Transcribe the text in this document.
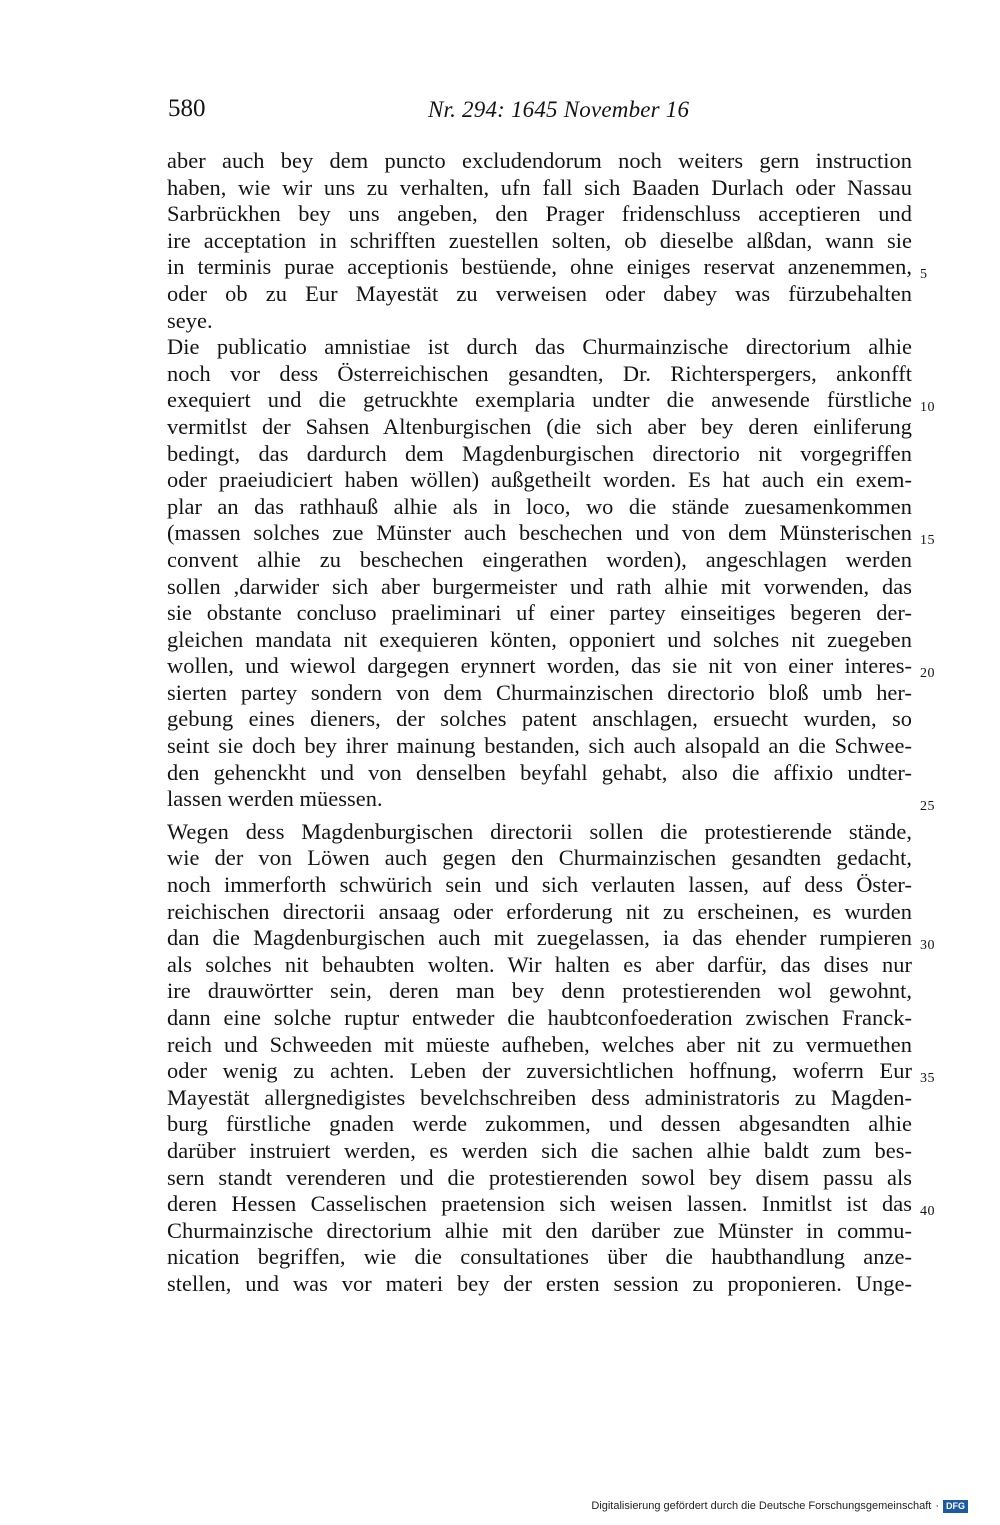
580	Nr. 294: 1645 November 16
aber auch bey dem puncto excludendorum noch weiters gern instruction
haben, wie wir uns zu verhalten, ufn fall sich Baaden Durlach oder Nassau
Sarbrückhen bey uns angeben, den Prager fridenschluss acceptieren und
ire acceptation in schrifften zuestellen solten, ob dieselbe alßdan, wann sie
in terminis purae acceptionis bestüende, ohne einiges reservat anzenemmen,
oder ob zu Eur Mayestät zu verweisen oder dabey was fürzubehalten
seye.
Die publicatio amnistiae ist durch das Churmainzische directorium alhie
noch vor dess Österreichischen gesandten, Dr. Richterspergers, ankonfft
exequiert und die getruckhte exemplaria undter die anwesende fürstliche
vermitlst der Sahsen Altenburgischen (die sich aber bey deren einliferung
bedingt, das dardurch dem Magdenburgischen directorio nit vorgegriffen
oder praeiudiciert haben wöllen) außgetheilt worden. Es hat auch ein exem-
plar an das rathhauß alhie als in loco, wo die stände zuesamenkommen
(massen solches zue Münster auch beschechen und von dem Münsterischen
convent alhie zu beschechen eingerathen worden), angeschlagen werden
sollen ,darwider sich aber burgermeister und rath alhie mit vorwenden, das
sie obstante concluso praeliminari uf einer partey einseitiges begeren der-
gleichen mandata nit exequieren könten, opponiert und solches nit zuegeben
wollen, und wiewol dargegen erynnert worden, das sie nit von einer interes-
sierten partey sondern von dem Churmainzischen directorio bloß umb her-
gebung eines dieners, der solches patent anschlagen, ersuecht wurden, so
seint sie doch bey ihrer mainung bestanden, sich auch alsopald an die Schwee-
den gehenckht und von denselben beyfahl gehabt, also die affixio undter-
lassen werden müessen.
Wegen dess Magdenburgischen directorii sollen die protestierende stände,
wie der von Löwen auch gegen den Churmainzischen gesandten gedacht,
noch immerforth schwürich sein und sich verlauten lassen, auf dess Öster-
reichischen directorii ansaag oder erforderung nit zu erscheinen, es wurden
dan die Magdenburgischen auch mit zuegelassen, ia das ehender rumpieren
als solches nit behaubten wolten. Wir halten es aber darfür, das dises nur
ire drauwörtter sein, deren man bey denn protestierenden wol gewohnt,
dann eine solche ruptur entweder die haubtconfoederation zwischen Franck-
reich und Schweeden mit müeste aufheben, welches aber nit zu vermuethen
oder wenig zu achten. Leben der zuversichtlichen hoffnung, woferrn Eur
Mayestät allergnedigistes bevelchschreiben dess administratoris zu Magden-
burg fürstliche gnaden werde zukommen, und dessen abgesandten alhie
darüber instruiert werden, es werden sich die sachen alhie baldt zum bes-
sern standt verenderen und die protestierenden sowol bey disem passu als
deren Hessen Casselischen praetension sich weisen lassen. Inmitlst ist das
Churmainzische directorium alhie mit den darüber zue Münster in commu-
nication begriffen, wie die consultationes über die haubthandlung anze-
stellen, und was vor materi bey der ersten session zu proponieren. Unge-
5
10
15
20
25
30
35
40
Digitalisierung gefördert durch die Deutsche Forschungsgemeinschaft · DFG
